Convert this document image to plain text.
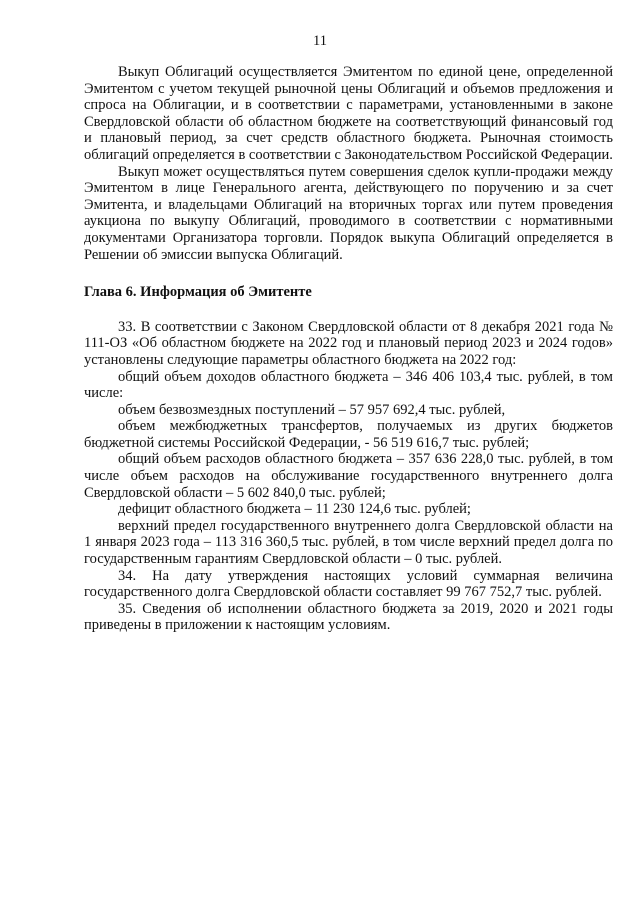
11

Выкуп Облигаций осуществляется Эмитентом по единой цене, определенной Эмитентом с учетом текущей рыночной цены Облигаций и объемов предложения и спроса на Облигации, и в соответствии с параметрами, установленными в законе Свердловской области об областном бюджете на соответствующий финансовый год и плановый период, за счет средств областного бюджета. Рыночная стоимость облигаций определяется в соответствии с Законодательством Российской Федерации.

Выкуп может осуществляться путем совершения сделок купли-продажи между Эмитентом в лице Генерального агента, действующего по поручению и за счет Эмитента, и владельцами Облигаций на вторичных торгах или путем проведения аукциона по выкупу Облигаций, проводимого в соответствии с нормативными документами Организатора торговли. Порядок выкупа Облигаций определяется в Решении об эмиссии выпуска Облигаций.

Глава 6. Информация об Эмитенте

33. В соответствии с Законом Свердловской области от 8 декабря 2021 года № 111-ОЗ «Об областном бюджете на 2022 год и плановый период 2023 и 2024 годов» установлены следующие параметры областного бюджета на 2022 год:

общий объем доходов областного бюджета – 346 406 103,4 тыс. рублей, в том числе:

объем безвозмездных поступлений – 57 957 692,4 тыс. рублей,

объем межбюджетных трансфертов, получаемых из других бюджетов бюджетной системы Российской Федерации, - 56 519 616,7 тыс. рублей;

общий объем расходов областного бюджета – 357 636 228,0 тыс. рублей, в том числе объем расходов на обслуживание государственного внутреннего долга Свердловской области – 5 602 840,0 тыс. рублей;

дефицит областного бюджета – 11 230 124,6 тыс. рублей;

верхний предел государственного внутреннего долга Свердловской области на 1 января 2023 года – 113 316 360,5 тыс. рублей, в том числе верхний предел долга по государственным гарантиям Свердловской области – 0 тыс. рублей.

34. На дату утверждения настоящих условий суммарная величина государственного долга Свердловской области составляет 99 767 752,7 тыс. рублей.

35. Сведения об исполнении областного бюджета за 2019, 2020 и 2021 годы приведены в приложении к настоящим условиям.
